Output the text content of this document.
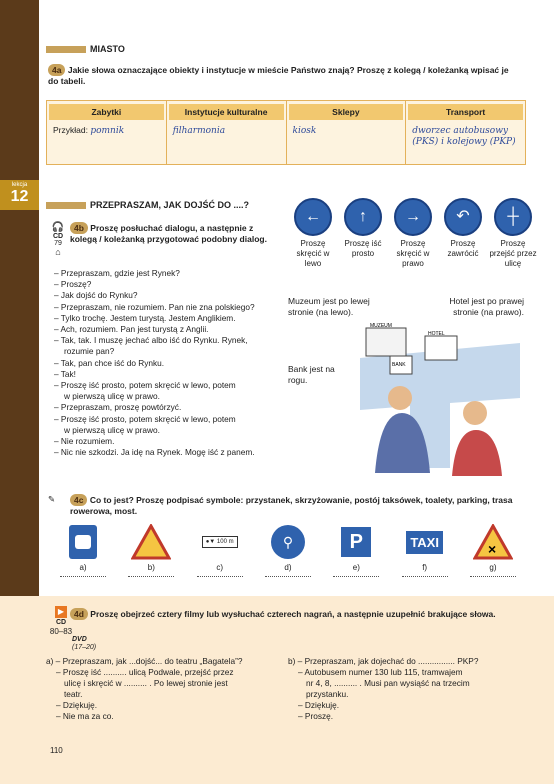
lekcja
12
MIASTO
4a Jakie słowa oznaczające obiekty i instytucje w mieście Państwo znają? Proszę z kolegą / koleżanką wpisać je do tabeli.
Zabytki
Przykład: pomnik
Instytucje kulturalne
filharmonia
Sklepy
kiosk
Transport
dworzec autobusowy (PKS) i kolejowy (PKP)
PRZEPRASZAM, JAK DOJŚĆ DO ....?
🎧
CD
79
⌂
4b Proszę posłuchać dialogu, a następnie z kolegą / koleżanką przygotować podobny dialog.
– Przepraszam, gdzie jest Rynek?
– Proszę?
– Jak dojść do Rynku?
– Przepraszam, nie rozumiem. Pan nie zna polskiego?
– Tylko trochę. Jestem turystą. Jestem Anglikiem.
– Ach, rozumiem. Pan jest turystą z Anglii.
– Tak, tak. I muszę jechać albo iść do Rynku. Rynek,
rozumie pan?
– Tak, pan chce iść do Rynku.
– Tak!
– Proszę iść prosto, potem skręcić w lewo, potem
w pierwszą ulicę w prawo.
– Przepraszam, proszę powtórzyć.
– Proszę iść prosto, potem skręcić w lewo, potem
w pierwszą ulicę w prawo.
– Nie rozumiem.
– Nic nie szkodzi. Ja idę na Rynek. Mogę iść z panem.
←
Proszę skręcić w lewo
↑
Proszę iść prosto
→
Proszę skręcić w prawo
↶
Proszę zawrócić
┼
Proszę przejść przez ulicę
Muzeum jest po lewej stronie (na lewo).
Hotel jest po prawej stronie (na prawo).
Bank jest na rogu.
MUZEUM
HOTEL
BANK
✎	4c Co to jest? Proszę podpisać symbole: przystanek, skrzyżowanie, postój taksówek, toalety, parking, trasa rowerowa, most.
a)	b)
●▼ 100 m
c)
⚲
d)
P
e)
TAXI
f)
×
g)
▶
CD
80–83
DVD
(17–20)
4d Proszę obejrzeć cztery filmy lub wysłuchać czterech nagrań, a następnie uzupełnić brakujące słowa.
a) – Przepraszam, jak ...dojść... do teatru „Bagatela”?
– Proszę iść .......... ulicą Podwale, przejść przez
ulicę i skręcić w .......... . Po lewej stronie jest
teatr.
– Dziękuję.
– Nie ma za co.
b) – Przepraszam, jak dojechać do ................ PKP?
– Autobusem numer 130 lub 115, tramwajem
nr 4, 8, .......... . Musi pan wysiąść na trzecim
przystanku.
– Dziękuję.
– Proszę.
110
